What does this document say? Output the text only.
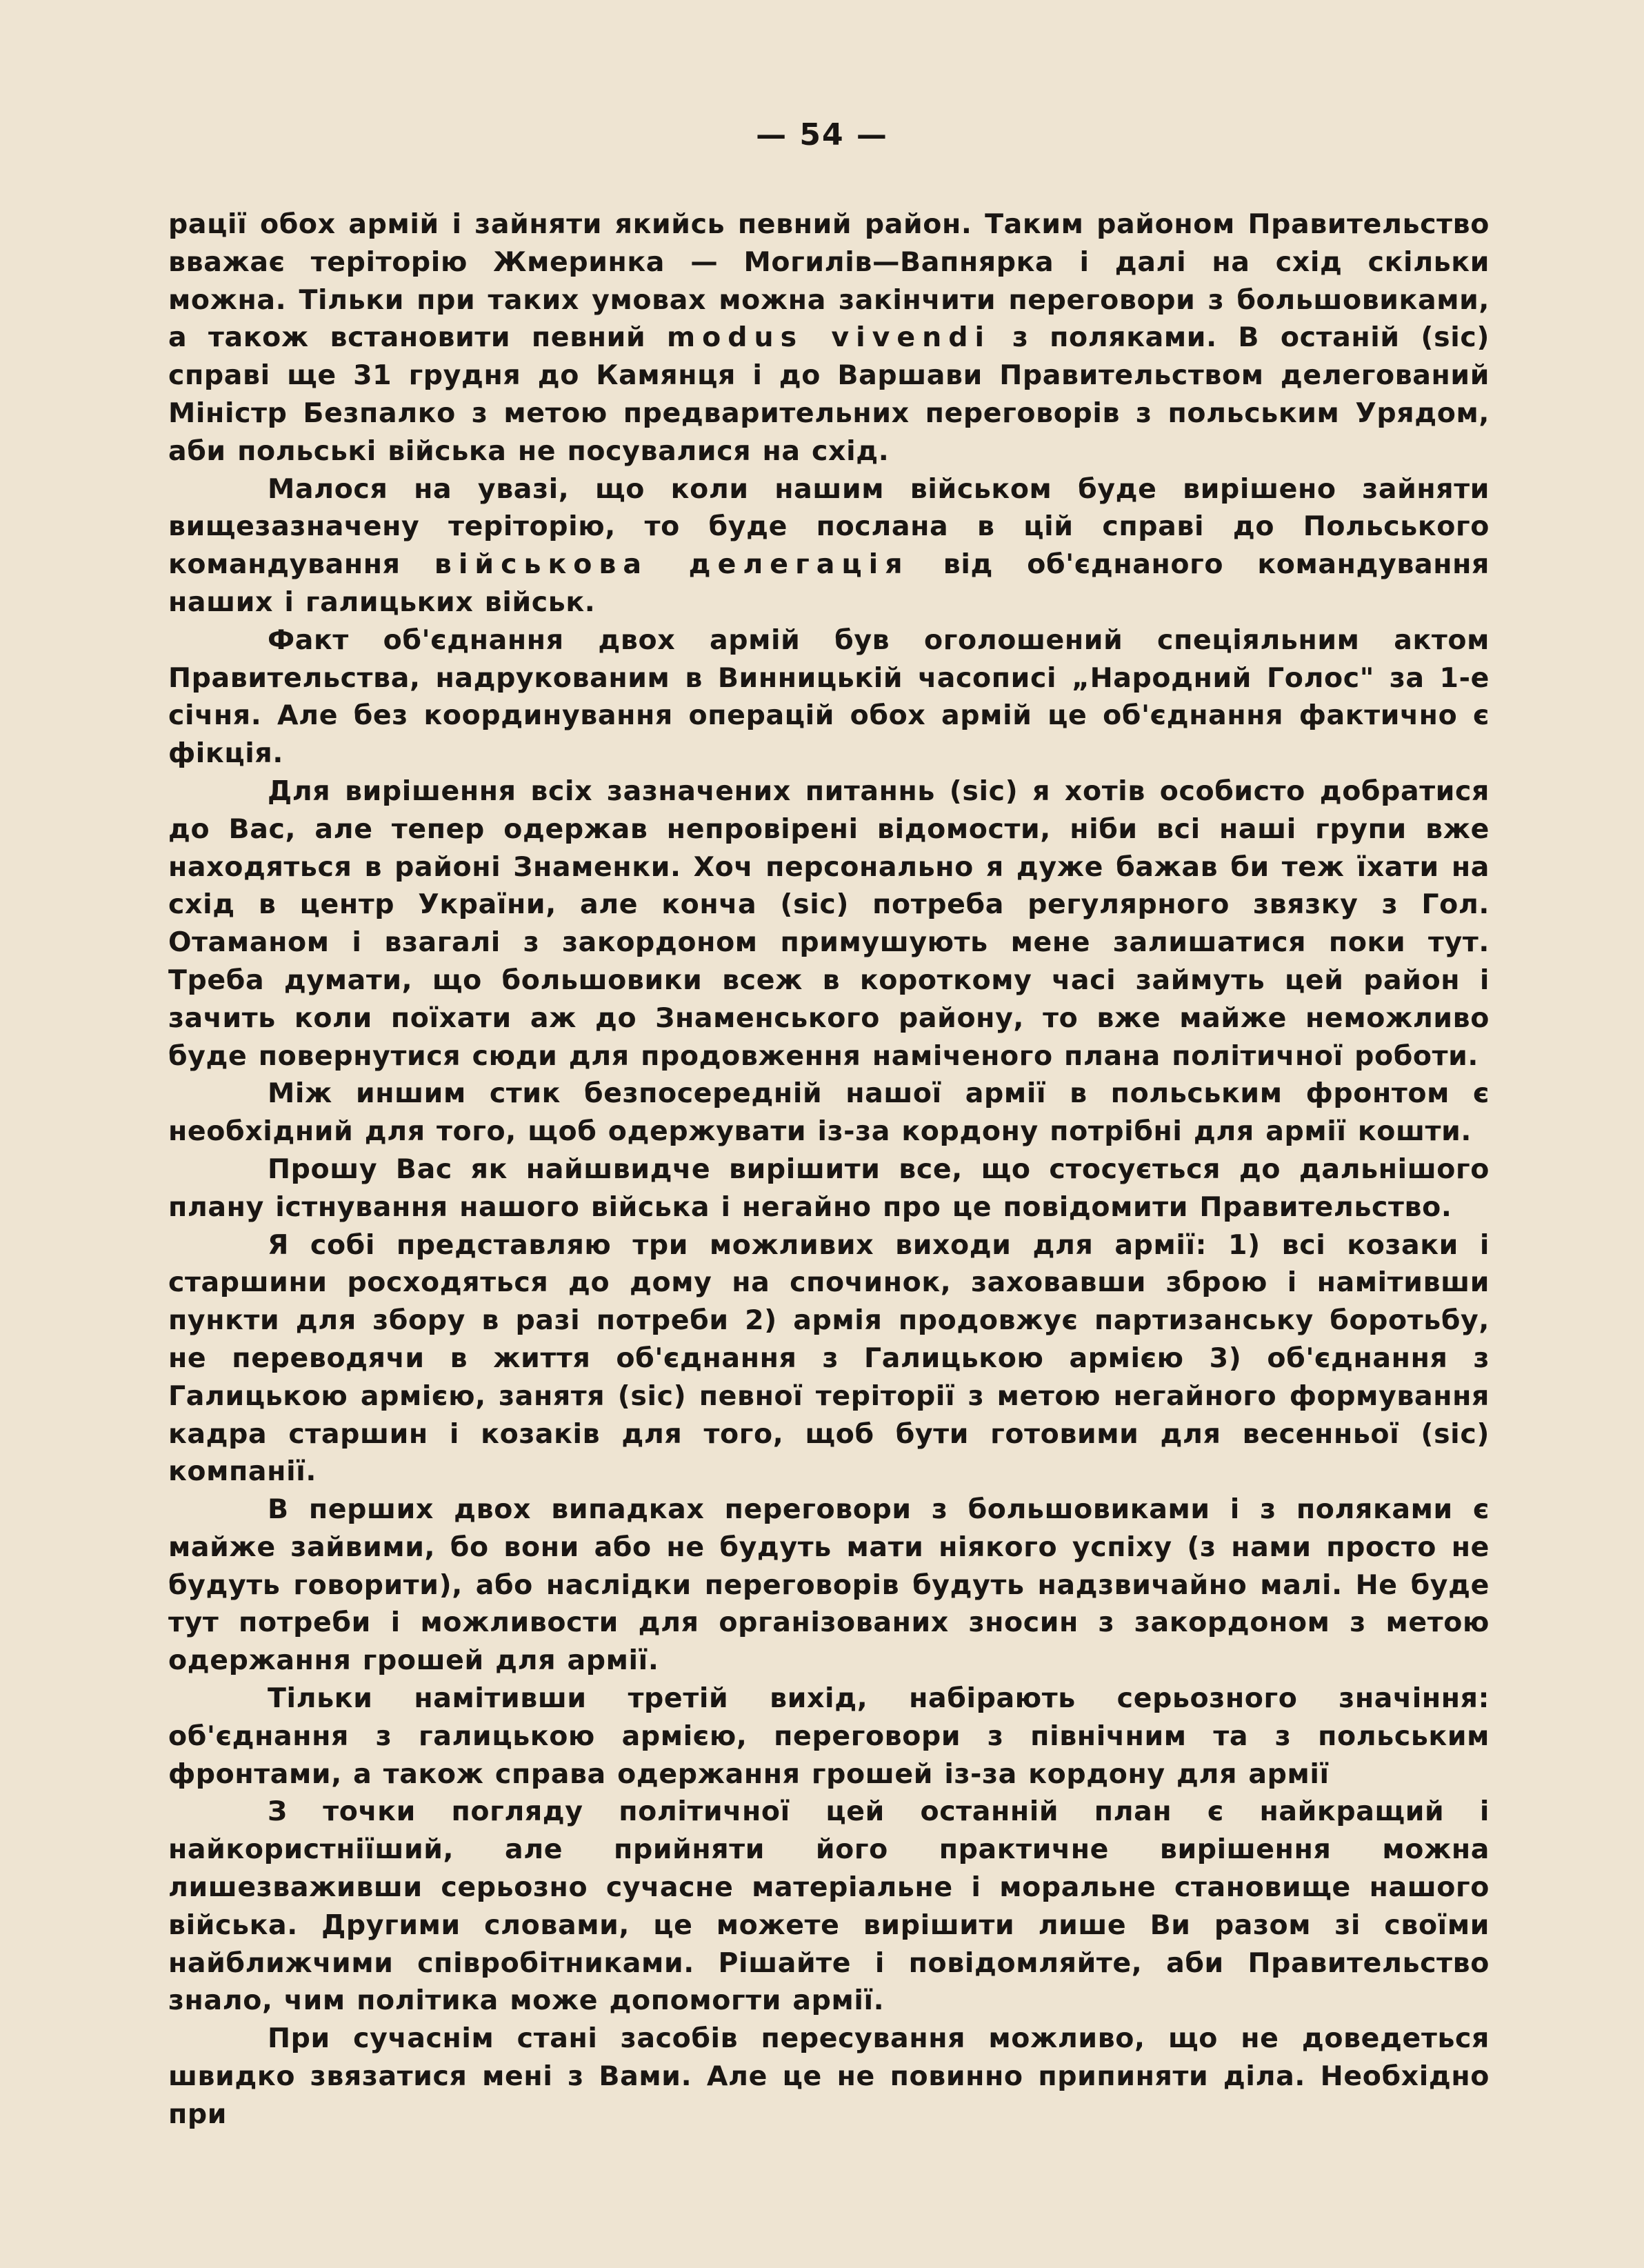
— 54 —

рації обох армій і зайняти якийсь певний район. Таким районом Правительство вважає теріторію Жмеринка — Могилів—Вапнярка і далі на схід скільки можна. Тільки при таких умовах можна закінчити переговори з большовиками, а також встановити певний modus vivendi з поляками. В останій (sic) справі ще 31 грудня до Камянця і до Варшави Правительством делегований Міністр Безпалко з метою предварительних переговорів з польським Урядом, аби польські війська не посувалися на схід.

Малося на увазі, що коли нашим військом буде вирішено зайняти вищезазначену теріторію, то буде послана в цій справі до Польського командування військова делегація від об'єднаного командування наших і галицьких військ.

Факт об'єднання двох армій був оголошений спеціяльним актом Правительства, надрукованим в Винницькій часописі „Народний Голос" за 1-е січня. Але без координування операцій обох армій це об'єднання фактично є фікція.

Для вирішення всіх зазначених питаннь (sic) я хотів особисто добратися до Вас, але тепер одержав непровірені відомости, ніби всі наші групи вже находяться в районі Знаменки. Хоч персонально я дуже бажав би теж їхати на схід в центр України, але конча (sic) потреба регулярного звязку з Гол. Отаманом і взагалі з закордоном примушують мене залишатися поки тут. Треба думати, що большовики всеж в короткому часі займуть цей район і зачить коли поїхати аж до Знаменського району, то вже майже неможливо буде повернутися сюди для продовження наміченого плана політичної роботи.

Між иншим стик безпосередній нашої армії в польським фронтом є необхідний для того, щоб одержувати із-за кордону потрібні для армії кошти.

Прошу Вас як найшвидче вирішити все, що стосується до дальнішого плану істнування нашого війська і негайно про це повідомити Правительство.

Я собі представляю три можливих виходи для армії: 1) всі козаки і старшини росходяться до дому на спочинок, заховавши зброю і намітивши пункти для збору в разі потреби 2) армія продовжує партизанську боротьбу, не переводячи в життя об'єднання з Галицькою армією 3) об'єднання з Галицькою армією, занятя (sic) певної теріторії з метою негайного формування кадра старшин і козаків для того, щоб бути готовими для весенньої (sic) компанії.

В перших двох випадках переговори з большовиками і з поляками є майже зайвими, бо вони або не будуть мати ніякого успіху (з нами просто не будуть говорити), або наслідки переговорів будуть надзвичайно малі. Не буде тут потреби і можливости для організованих зносин з закордоном з метою одержання грошей для армії.

Тільки намітивши третій вихід, набірають серьозного значіння: об'єднання з галицькою армією, переговори з північним та з польським фронтами, а також справа одержання грошей із-за кордону для армії

З точки погляду політичної цей останній план є найкращий і найкористніїший, але прийняти його практичне вирішення можна лишезваживши серьозно сучасне матеріальне і моральне становище нашого війська. Другими словами, це можете вирішити лише Ви разом зі своїми найближчими співробітниками. Рішайте і повідомляйте, аби Правительство знало, чим політика може допомогти армії.

При сучаснім стані засобів пересування можливо, що не доведеться швидко звязатися мені з Вами. Але це не повинно припиняти діла. Необхідно при
